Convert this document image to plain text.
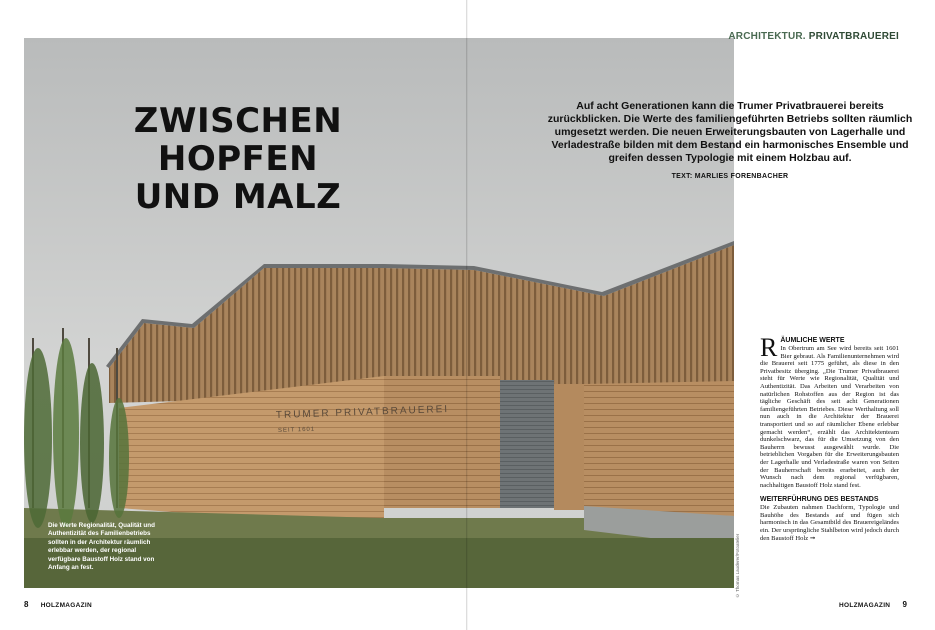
TRUMER PRIVATBRAUEREI
SEIT 1601
ARCHITEKTUR. PRIVATBRAUEREI
ZWISCHEN HOPFEN
UND MALZ
Auf acht Generationen kann die Trumer Privatbrauerei bereits zurückblicken. Die Werte des familiengeführten Betriebs sollten räumlich umgesetzt werden. Die neuen Erweiterungsbauten von Lagerhalle und Verladestraße bilden mit dem Bestand ein harmonisches Ensemble und greifen dessen Typologie mit einem Holzbau auf.
TEXT: MARLIES FORENBACHER
Die Werte Regionalität, Qualität und Authentizität des Familienbetriebs sollten in der Architektur räumlich erlebbar werden, der regional verfügbare Baustoff Holz stand von Anfang an fest.	© Thomas Lauderer/Fotoatelier
R ÄUMLICHE WERTE

In Obertrum am See wird bereits seit 1601 Bier gebraut. Als Familienunternehmen wird die Brauerei seit 1775 geführt, als diese in den Privatbesitz überging. „Die Trumer Privatbrauerei steht für Werte wie Regionalität, Qualität und Authentizität. Das Arbeiten und Verarbeiten von natürlichen Rohstoffen aus der Region ist das tägliche Geschäft des seit acht Generationen familiengeführten Betriebes. Diese Werthaltung soll nun auch in die Architektur der Brauerei transportiert und so auf räumlicher Ebene erlebbar gemacht werden“, erzählt das Architektenteam dunkelschwarz, das für die Umsetzung von den Bauherrn bewusst ausgewählt wurde. Die betrieblichen Vorgaben für die Erweiterungsbauten der Lagerhalle und Verladestraße waren von Seiten der Bauherrschaft bereits erarbeitet, auch der Wunsch nach dem regional verfügbaren, nachhaltigen Baustoff Holz stand fest.

WEITERFÜHRUNG DES BESTANDS

Die Zubauten nahmen Dachform, Typologie und Bauhöhe des Bestands auf und fügen sich harmonisch in das Gesamtbild des Brauereigeländes ein. Der ursprüngliche Stahlbeton wird jedoch durch den Baustoff Holz ➞

8 HOLZMAGAZIN	HOLZMAGAZIN 9
